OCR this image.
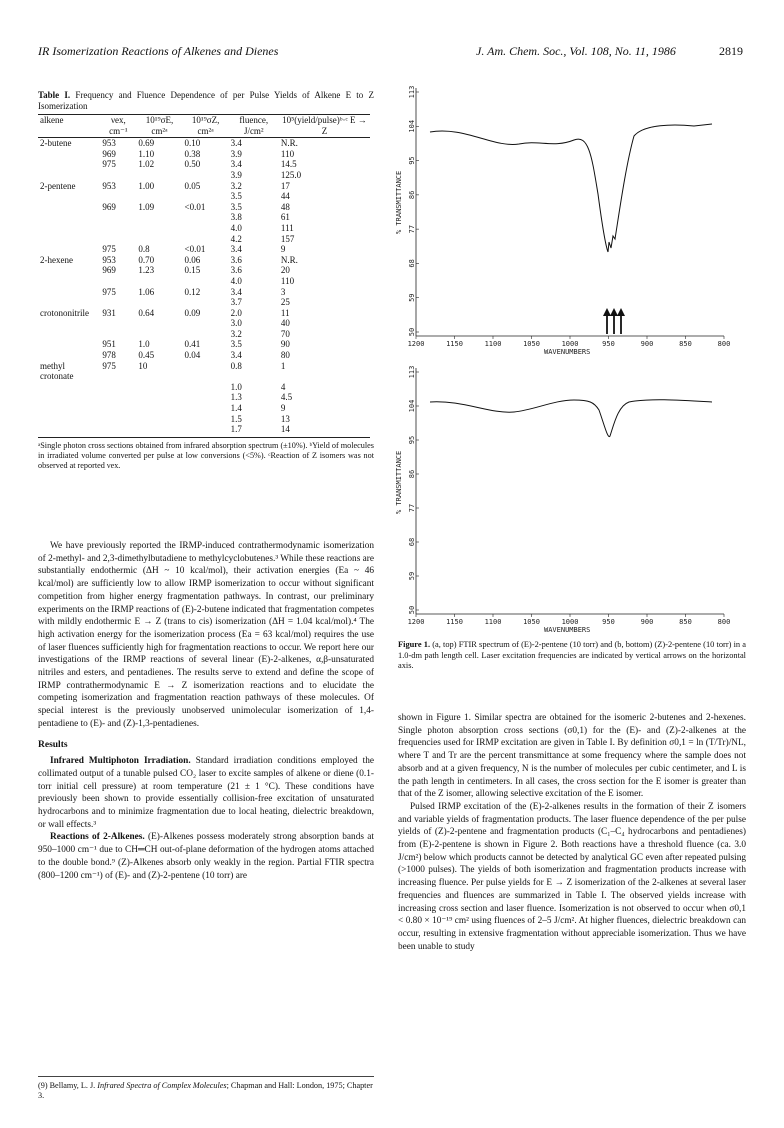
IR Isomerization Reactions of Alkenes and Dienes	J. Am. Chem. Soc., Vol. 108, No. 11, 1986	2819
Table I. Frequency and Fluence Dependence of per Pulse Yields of Alkene E to Z Isomerization
alkene	νex, cm⁻¹	10¹⁹σE, cm²ᵃ	10¹⁹σZ, cm²ᵃ	fluence, J/cm²	10⁵(yield/pulse)ᵇ·ᶜ E → Z

2-butene	953	0.69	0.10	3.4	N.R.
	969	1.10	0.38	3.9	110
	975	1.02	0.50	3.4	14.5
				3.9	125.0
2-pentene	953	1.00	0.05	3.2	17
				3.5	44
	969	1.09	<0.01	3.5	48
				3.8	61
				4.0	111
				4.2	157
	975	0.8	<0.01	3.4	9
2-hexene	953	0.70	0.06	3.6	N.R.
	969	1.23	0.15	3.6	20
				4.0	110
	975	1.06	0.12	3.4	3
				3.7	25
crotononitrile	931	0.64	0.09	2.0	11
				3.0	40
				3.2	70
	951	1.0	0.41	3.5	90
	978	0.45	0.04	3.4	80
methyl crotonate	975	10		0.8	1
				1.0	4
				1.3	4.5
				1.4	9
				1.5	13
				1.7	14
ᵃSingle photon cross sections obtained from infrared absorption spectrum (±10%). ᵇYield of molecules in irradiated volume converted per pulse at low conversions (<5%). ᶜReaction of Z isomers was not observed at reported νex.

We have previously reported the IRMP-induced contrathermodynamic isomerization of 2-methyl- and 2,3-dimethylbutadiene to methylcyclobutenes.³ While these reactions are substantially endothermic (ΔH ~ 10 kcal/mol), their activation energies (Ea ~ 46 kcal/mol) are sufficiently low to allow IRMP isomerization to occur without significant competition from higher energy fragmentation pathways. In contrast, our preliminary experiments on the IRMP reactions of (E)-2-butene indicated that fragmentation competes with mildly endothermic E → Z (trans to cis) isomerization (ΔH = 1.04 kcal/mol).⁴ The high activation energy for the isomerization process (Ea = 63 kcal/mol) requires the use of laser fluences sufficiently high for fragmentation reactions to occur. We report here our investigations of the IRMP reactions of several linear (E)-2-alkenes, α,β-unsaturated nitriles and esters, and pentadienes. The results serve to extend and define the scope of IRMP contrathermodynamic E → Z isomerization reactions and to elucidate the competing isomerization and fragmentation reaction pathways of these molecules. Of special interest is the previously unobserved unimolecular isomerization of 1,4-pentadiene to (E)- and (Z)-1,3-pentadienes.

Results

Infrared Multiphoton Irradiation. Standard irradiation conditions employed the collimated output of a tunable pulsed CO₂ laser to excite samples of alkene or diene (0.1-torr initial cell pressure) at room temperature (21 ± 1 °C). These conditions have previously been shown to provide essentially collision-free excitation of unsaturated hydrocarbons and to minimize fragmentation due to local heating, dielectric breakdown, or wall effects.³

Reactions of 2-Alkenes. (E)-Alkenes possess moderately strong absorption bands at 950–1000 cm⁻¹ due to CH═CH out-of-plane deformation of the hydrogen atoms attached to the double bond.⁹ (Z)-Alkenes absorb only weakly in the region. Partial FTIR spectra (800–1200 cm⁻¹) of (E)- and (Z)-2-pentene (10 torr) are

(9) Bellamy, L. J. Infrared Spectra of Complex Molecules; Chapman and Hall: London, 1975; Chapter 3.
113
104
95
86
77
68
59
50
1200	1150	1100	1050	1000	950	900	850	800
% TRANSMITTANCE
WAVENUMBERS
113
104
95
86
77
68
59
50
1200	1150	1100	1050	1000	950	900	850	800
% TRANSMITTANCE
WAVENUMBERS
Figure 1. (a, top) FTIR spectrum of (E)-2-pentene (10 torr) and (b, bottom) (Z)-2-pentene (10 torr) in a 1.0-dm path length cell. Laser excitation frequencies are indicated by vertical arrows on the horizontal axis.

shown in Figure 1. Similar spectra are obtained for the isomeric 2-butenes and 2-hexenes. Single photon absorption cross sections (σ0,1) for the (E)- and (Z)-2-alkenes at the frequencies used for IRMP excitation are given in Table I. By definition σ0,1 = ln (T/Tr)/NL, where T and Tr are the percent transmittance at some frequency where the sample does not absorb and at a given frequency, N is the number of molecules per cubic centimeter, and L is the path length in centimeters. In all cases, the cross section for the E isomer is greater than that of the Z isomer, allowing selective excitation of the E isomer.

Pulsed IRMP excitation of the (E)-2-alkenes results in the formation of their Z isomers and variable yields of fragmentation products. The laser fluence dependence of the per pulse yields of (Z)-2-pentene and fragmentation products (C₁–C₄ hydrocarbons and pentadienes) from (E)-2-pentene is shown in Figure 2. Both reactions have a threshold fluence (ca. 3.0 J/cm²) below which products cannot be detected by analytical GC even after repeated pulsing (>1000 pulses). The yields of both isomerization and fragmentation products increase with increasing fluence. Per pulse yields for E → Z isomerization of the 2-alkenes at several laser frequencies and fluences are summarized in Table I. The observed yields increase with increasing cross section and laser fluence. Isomerization is not observed to occur when σ0,1 < 0.80 × 10⁻¹⁹ cm² using fluences of 2–5 J/cm². At higher fluences, dielectric breakdown can occur, resulting in extensive fragmentation without appreciable isomerization. Thus we have been unable to study
